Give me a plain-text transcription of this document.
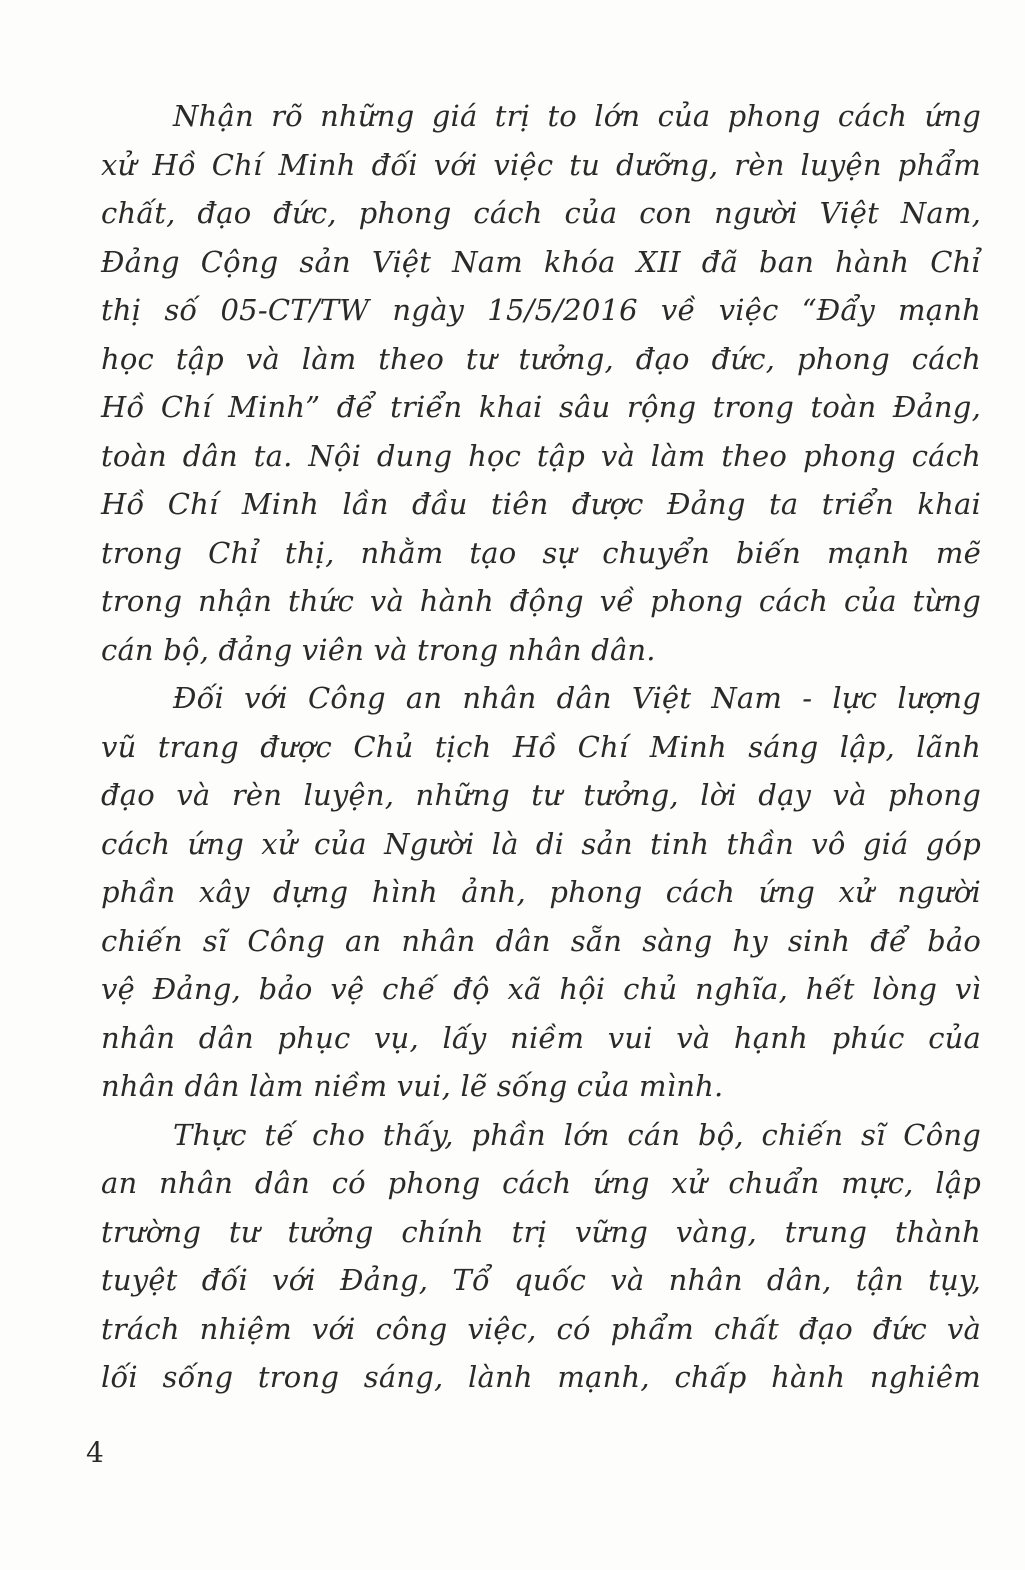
Nhận rõ những giá trị to lớn của phong cách ứng
xử Hồ Chí Minh đối với việc tu dưỡng, rèn luyện phẩm
chất, đạo đức, phong cách của con người Việt Nam,
Đảng Cộng sản Việt Nam khóa XII đã ban hành Chỉ
thị số 05-CT/TW ngày 15/5/2016 về việc “Đẩy mạnh
học tập và làm theo tư tưởng, đạo đức, phong cách
Hồ Chí Minh” để triển khai sâu rộng trong toàn Đảng,
toàn dân ta. Nội dung học tập và làm theo phong cách
Hồ Chí Minh lần đầu tiên được Đảng ta triển khai
trong Chỉ thị, nhằm tạo sự chuyển biến mạnh mẽ
trong nhận thức và hành động về phong cách của từng
cán bộ, đảng viên và trong nhân dân.
Đối với Công an nhân dân Việt Nam - lực lượng
vũ trang được Chủ tịch Hồ Chí Minh sáng lập, lãnh
đạo và rèn luyện, những tư tưởng, lời dạy và phong
cách ứng xử của Người là di sản tinh thần vô giá góp
phần xây dựng hình ảnh, phong cách ứng xử người
chiến sĩ Công an nhân dân sẵn sàng hy sinh để bảo
vệ Đảng, bảo vệ chế độ xã hội chủ nghĩa, hết lòng vì
nhân dân phục vụ, lấy niềm vui và hạnh phúc của
nhân dân làm niềm vui, lẽ sống của mình.
Thực tế cho thấy, phần lớn cán bộ, chiến sĩ Công
an nhân dân có phong cách ứng xử chuẩn mực, lập
trường tư tưởng chính trị vững vàng, trung thành
tuyệt đối với Đảng, Tổ quốc và nhân dân, tận tụy,
trách nhiệm với công việc, có phẩm chất đạo đức và
lối sống trong sáng, lành mạnh, chấp hành nghiêm
4
